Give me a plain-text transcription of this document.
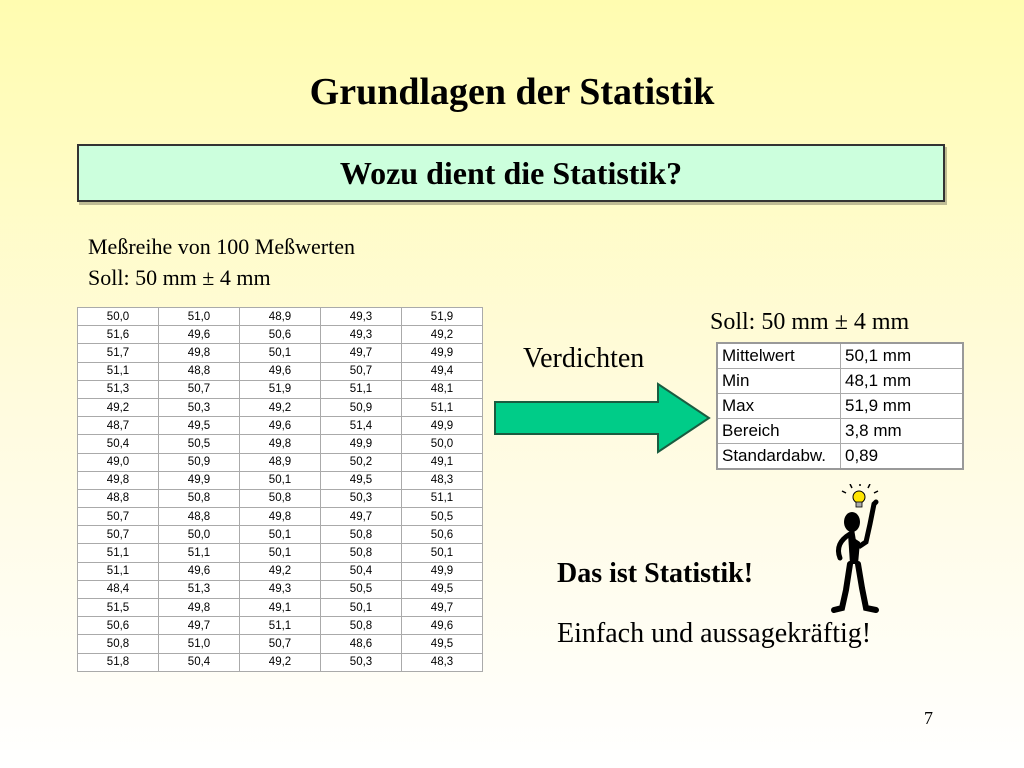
Grundlagen der Statistik
Wozu dient die Statistik?
Meßreihe von 100 Meßwerten
Soll: 50 mm ± 4 mm
50,0	51,0	48,9	49,3	51,9
51,6	49,6	50,6	49,3	49,2
51,7	49,8	50,1	49,7	49,9
51,1	48,8	49,6	50,7	49,4
51,3	50,7	51,9	51,1	48,1
49,2	50,3	49,2	50,9	51,1
48,7	49,5	49,6	51,4	49,9
50,4	50,5	49,8	49,9	50,0
49,0	50,9	48,9	50,2	49,1
49,8	49,9	50,1	49,5	48,3
48,8	50,8	50,8	50,3	51,1
50,7	48,8	49,8	49,7	50,5
50,7	50,0	50,1	50,8	50,6
51,1	51,1	50,1	50,8	50,1
51,1	49,6	49,2	50,4	49,9
48,4	51,3	49,3	50,5	49,5
51,5	49,8	49,1	50,1	49,7
50,6	49,7	51,1	50,8	49,6
50,8	51,0	50,7	48,6	49,5
51,8	50,4	49,2	50,3	48,3
Verdichten
Soll: 50 mm ± 4 mm
Mittelwert	50,1 mm
Min	48,1 mm
Max	51,9 mm
Bereich	3,8 mm
Standardabw.	0,89
Das ist Statistik!
Einfach und aussagekräftig!
7
